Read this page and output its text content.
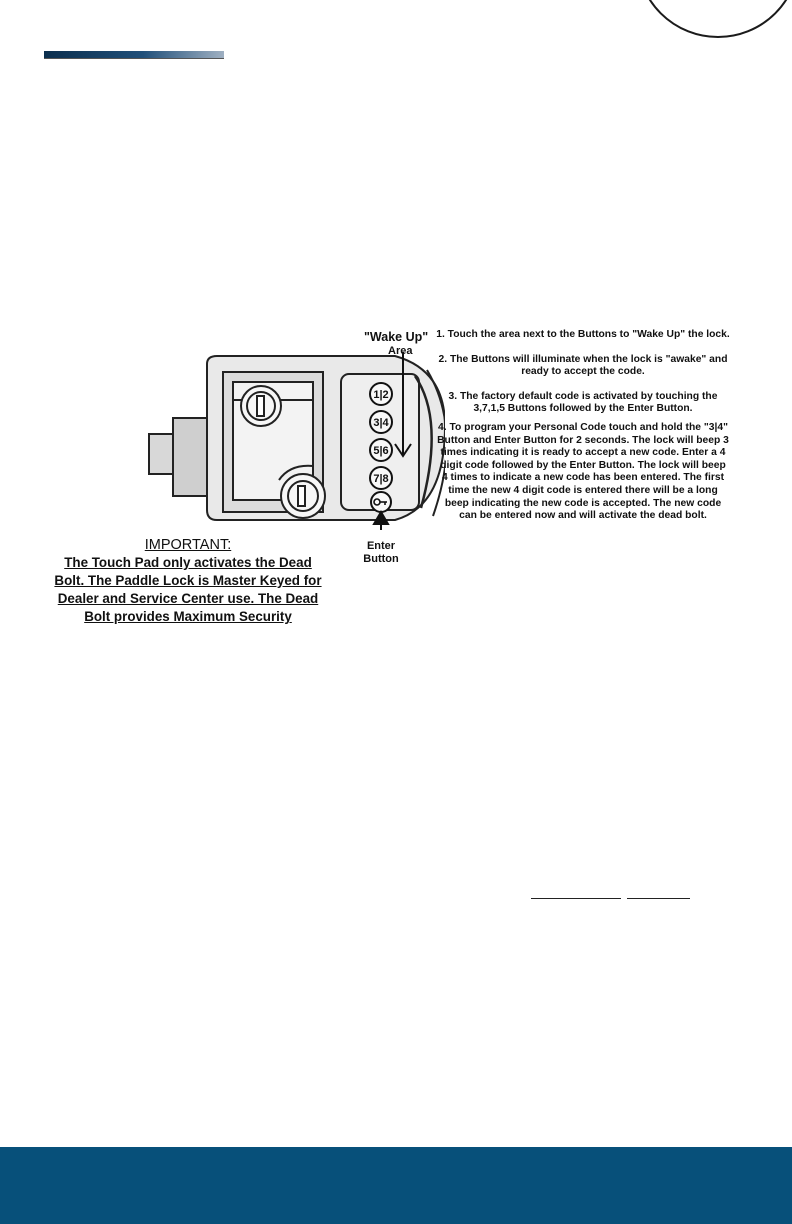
1|2
3|4
5|6
7|8
"Wake Up"
Area
Enter Button

1. Touch the area next to the Buttons to "Wake Up" the lock.

2. The Buttons will illuminate when the lock is "awake" and ready to accept the code.

3. The factory default code is activated by touching the 3,7,1,5 Buttons followed by the Enter Button.

4. To program your Personal Code touch and hold the "3|4" Button and Enter Button for 2 seconds. The lock will beep 3 times indicating it is ready to accept a new code. Enter a 4 digit code followed by the Enter Button. The lock will beep 4 times to indicate a new code has been entered. The first time the new 4 digit code is entered there will be a long beep indicating the new code is accepted. The new code can be entered now and will activate the dead bolt.

IMPORTANT:
The Touch Pad only activates the Dead Bolt. The Paddle Lock is Master Keyed for Dealer and Service Center use. The Dead Bolt provides Maximum Security
